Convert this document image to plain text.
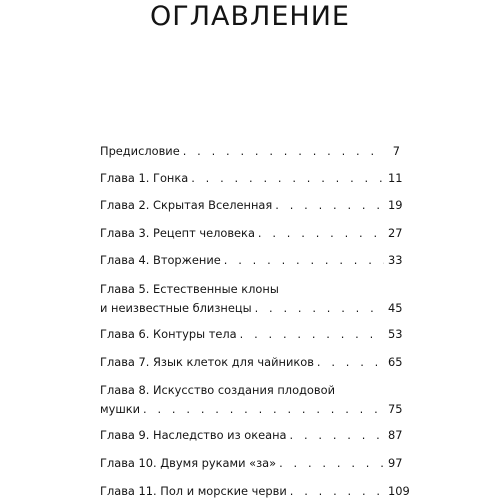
ОГЛАВЛЕНИЕ
Предисловие . . .	7
Глава 1. Гонка . . .	11
Глава 2. Скрытая Вселенная . . .	19
Глава 3. Рецепт человека . . .	27
Глава 4. Вторжение . . .	33
Глава 5. Естественные клоны
и неизвестные близнецы . . .	45
Глава 6. Контуры тела . . .	53
Глава 7. Язык клеток для чайников . . .	65
Глава 8. Искусство создания плодовой
мушки . . .	75
Глава 9. Наследство из океана . . .	87
Глава 10. Двумя руками «за» . . .	97
Глава 11. Пол и морские черви . . .	109
